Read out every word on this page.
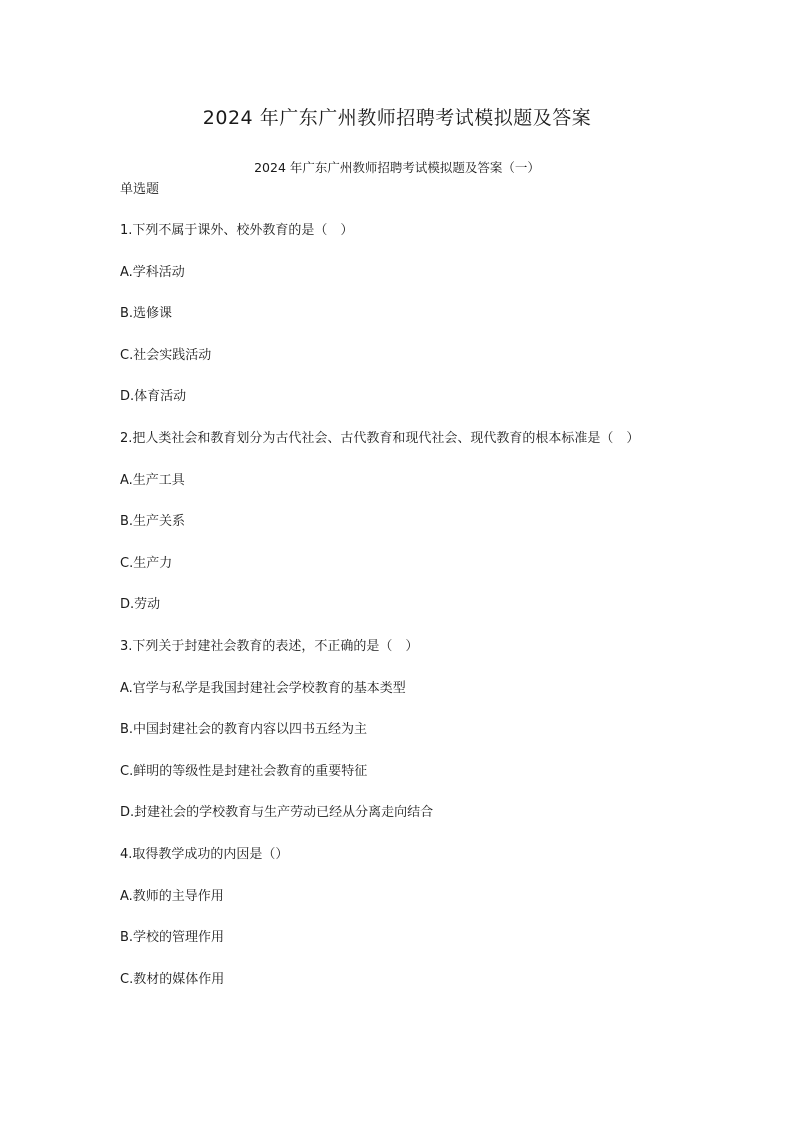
2024 年广东广州教师招聘考试模拟题及答案
2024 年广东广州教师招聘考试模拟题及答案（一）
单选题
1.下列不属于课外、校外教育的是（　）
A.学科活动
B.选修课
C.社会实践活动
D.体育活动
2.把人类社会和教育划分为古代社会、古代教育和现代社会、现代教育的根本标准是（　）
A.生产工具
B.生产关系
C.生产力
D.劳动
3.下列关于封建社会教育的表述，不正确的是（　）
A.官学与私学是我国封建社会学校教育的基本类型
B.中国封建社会的教育内容以四书五经为主
C.鲜明的等级性是封建社会教育的重要特征
D.封建社会的学校教育与生产劳动已经从分离走向结合
4.取得教学成功的内因是（）
A.教师的主导作用
B.学校的管理作用
C.教材的媒体作用
